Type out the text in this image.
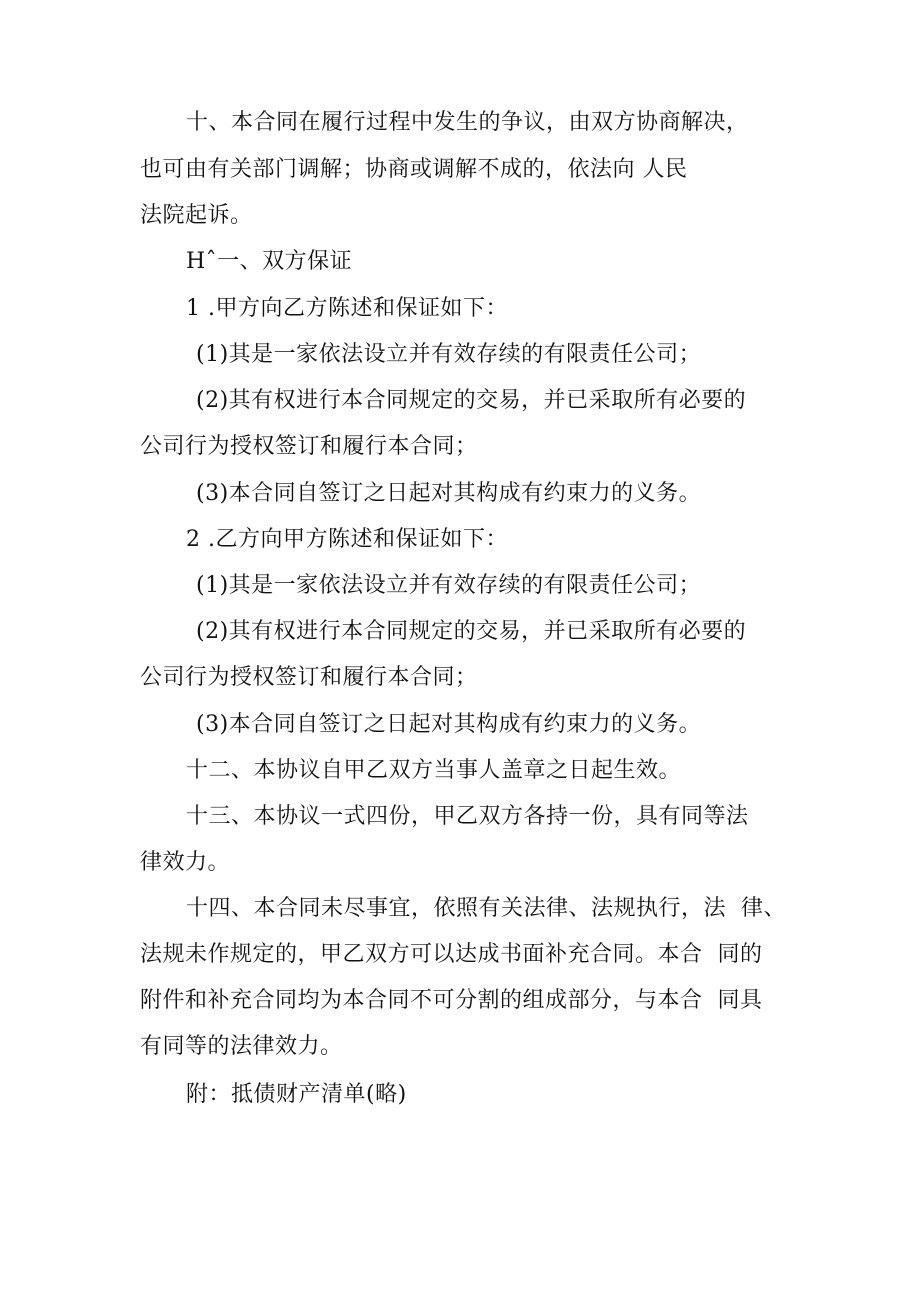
十、本合同在履行过程中发生的争议，由双方协商解决，
也可由有关部门调解；协商或调解不成的，依法向 人民
法院起诉。
Hˆ一、双方保证
1 .甲方向乙方陈述和保证如下：
(1)其是一家依法设立并有效存续的有限责任公司；
(2)其有权进行本合同规定的交易，并已采取所有必要的
公司行为授权签订和履行本合同；
(3)本合同自签订之日起对其构成有约束力的义务。
2 .乙方向甲方陈述和保证如下：
(1)其是一家依法设立并有效存续的有限责任公司；
(2)其有权进行本合同规定的交易，并已采取所有必要的
公司行为授权签订和履行本合同；
(3)本合同自签订之日起对其构成有约束力的义务。
十二、本协议自甲乙双方当事人盖章之日起生效。
十三、本协议一式四份，甲乙双方各持一份，具有同等法
律效力。
十四、本合同未尽事宜，依照有关法律、法规执行，法  律、
法规未作规定的，甲乙双方可以达成书面补充合同。本合  同的
附件和补充合同均为本合同不可分割的组成部分，与本合  同具
有同等的法律效力。
附：抵债财产清单(略)
